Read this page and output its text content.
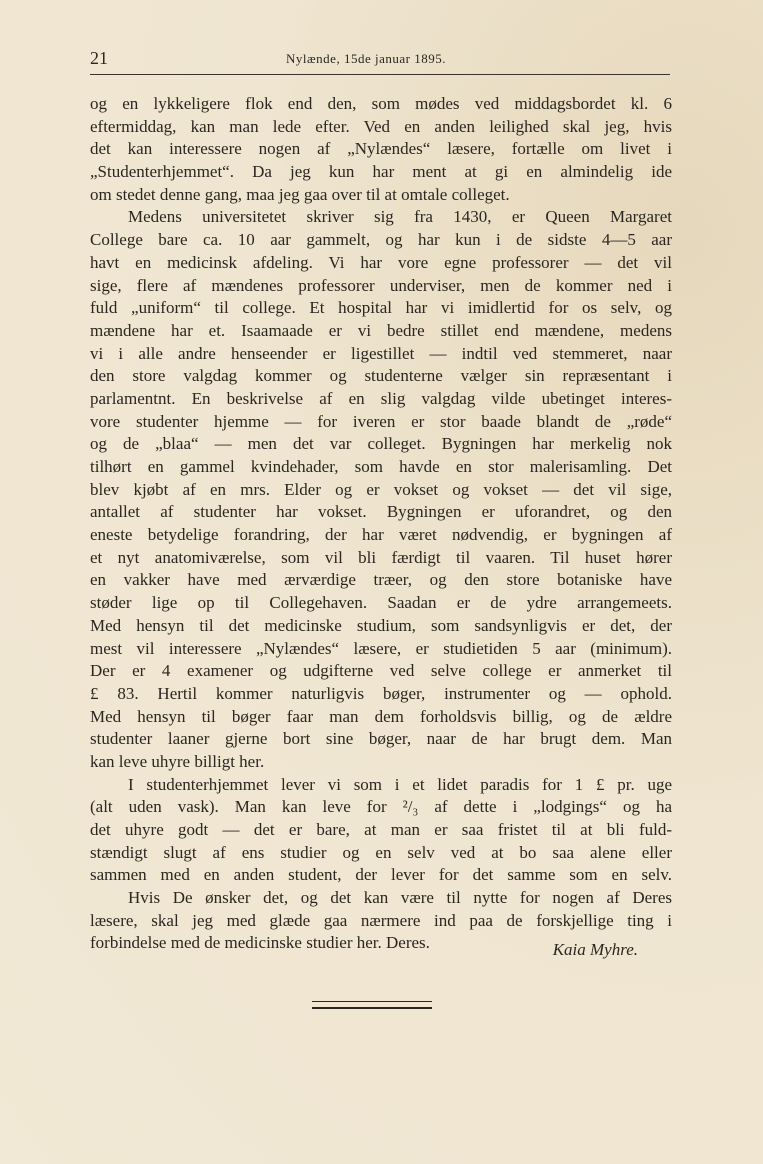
21	Nylænde, 15de januar 1895.
og en lykkeligere flok end den, som mødes ved middagsbordet kl. 6
eftermiddag, kan man lede efter. Ved en anden leilighed skal jeg, hvis
det kan interessere nogen af „Nylændes“ læsere, fortælle om livet i
„Studenterhjemmet“. Da jeg kun har ment at gi en almindelig ide
om stedet denne gang, maa jeg gaa over til at omtale colleget.
Medens universitetet skriver sig fra 1430, er Queen Margaret
College bare ca. 10 aar gammelt, og har kun i de sidste 4—5 aar
havt en medicinsk afdeling. Vi har vore egne professorer — det vil
sige, flere af mændenes professorer underviser, men de kommer ned i
fuld „uniform“ til college. Et hospital har vi imidlertid for os selv, og
mændene har et. Isaamaade er vi bedre stillet end mændene, medens
vi i alle andre henseender er ligestillet — indtil ved stemmeret, naar
den store valgdag kommer og studenterne vælger sin repræsentant i
parlamentnt. En beskrivelse af en slig valgdag vilde ubetinget interes-
vore studenter hjemme — for iveren er stor baade blandt de „røde“
og de „blaa“ — men det var colleget. Bygningen har merkelig nok
tilhørt en gammel kvindehader, som havde en stor malerisamling. Det
blev kjøbt af en mrs. Elder og er vokset og vokset — det vil sige,
antallet af studenter har vokset. Bygningen er uforandret, og den
eneste betydelige forandring, der har været nødvendig, er bygningen af
et nyt anatomiværelse, som vil bli færdigt til vaaren. Til huset hører
en vakker have med ærværdige træer, og den store botaniske have
støder lige op til Collegehaven. Saadan er de ydre arrangemeets.
Med hensyn til det medicinske studium, som sandsynligvis er det, der
mest vil interessere „Nylændes“ læsere, er studietiden 5 aar (minimum).
Der er 4 examener og udgifterne ved selve college er anmerket til
£ 83. Hertil kommer naturligvis bøger, instrumenter og — ophold.
Med hensyn til bøger faar man dem forholdsvis billig, og de ældre
studenter laaner gjerne bort sine bøger, naar de har brugt dem. Man
kan leve uhyre billigt her.
I studenterhjemmet lever vi som i et lidet paradis for 1 £ pr. uge
(alt uden vask). Man kan leve for ²/₃ af dette i „lodgings“ og ha
det uhyre godt — det er bare, at man er saa fristet til at bli fuld-
stændigt slugt af ens studier og en selv ved at bo saa alene eller
sammen med en anden student, der lever for det samme som en selv.
Hvis De ønsker det, og det kan være til nytte for nogen af Deres
læsere, skal jeg med glæde gaa nærmere ind paa de forskjellige ting i
forbindelse med de medicinske studier her. Deres.	Kaia Myhre.
